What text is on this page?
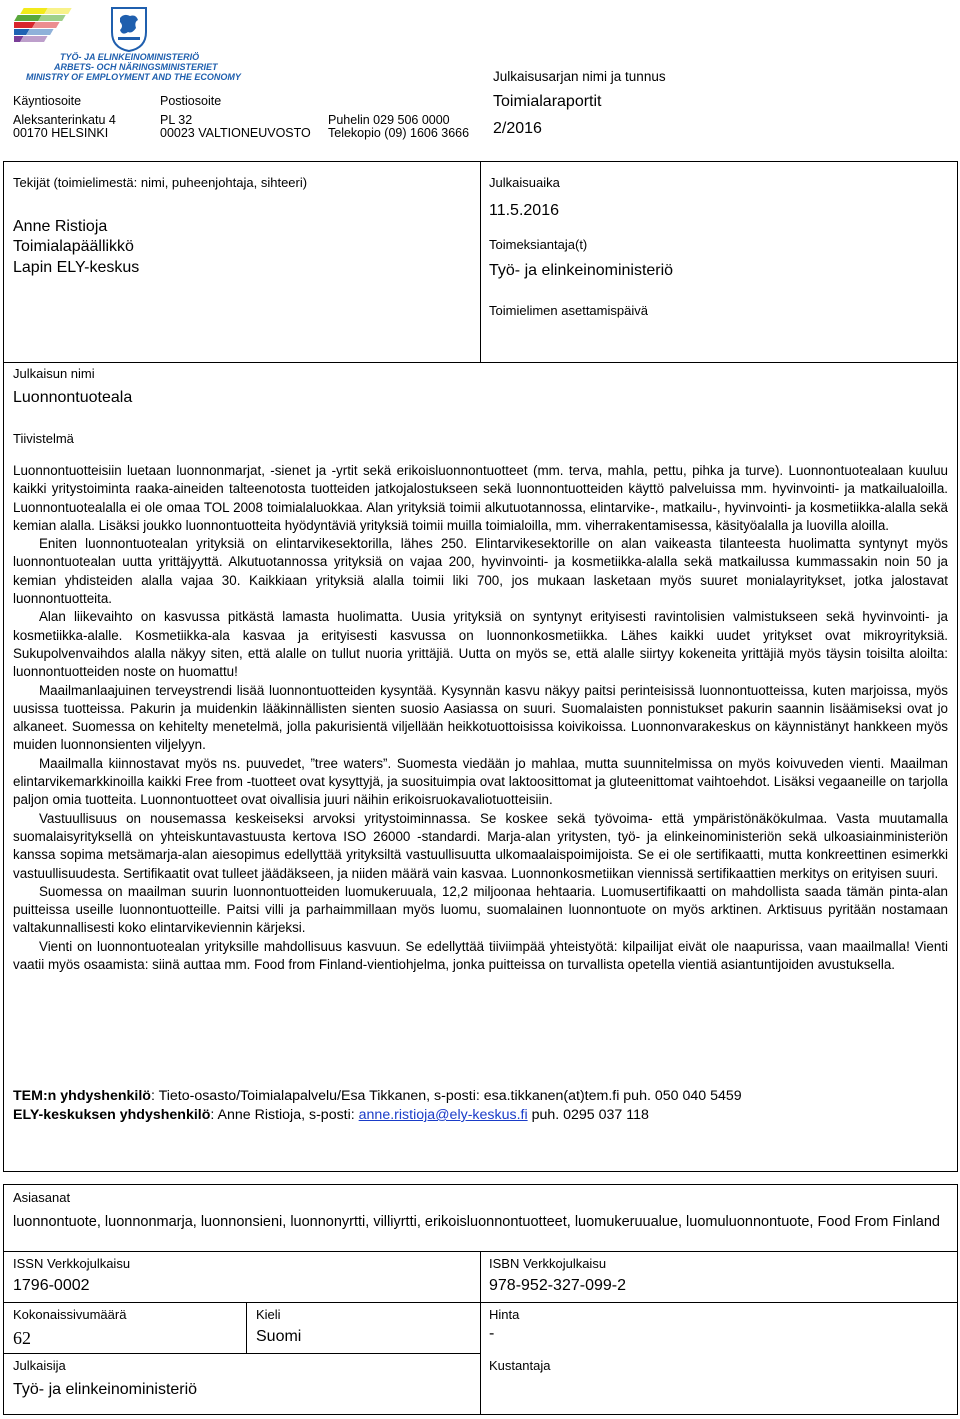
TYÖ- JA ELINKEINOMINISTERIÖ
ARBETS- OCH NÄRINGSMINISTERIET
MINISTRY OF EMPLOYMENT AND THE ECONOMY
Käyntiosoite
Aleksanterinkatu 4
00170 HELSINKI
Postiosoite
PL 32
00023 VALTIONEUVOSTO
Puhelin 029 506 0000
Telekopio (09) 1606 3666
Julkaisusarjan nimi ja tunnus
Toimialaraportit
2/2016
Tekijät (toimielimestä: nimi, puheenjohtaja, sihteeri)
Anne Ristioja
Toimialapäällikkö
Lapin ELY-keskus
Julkaisuaika
11.5.2016
Toimeksiantaja(t)
Työ- ja elinkeinoministeriö
Toimielimen asettamispäivä
Julkaisun nimi
Luonnontuoteala
Tiivistelmä

Luonnontuotteisiin luetaan luonnonmarjat, -sienet ja -yrtit sekä erikoisluonnontuotteet (mm. terva, mahla, pettu, pihka ja turve). Luonnontuotealaan kuuluu kaikki yritystoiminta raaka-aineiden talteenotosta tuotteiden jatkojalostukseen sekä luonnontuotteiden käyttö palveluissa mm. hyvinvointi- ja matkailualoilla. Luonnontuotealalla ei ole omaa TOL 2008 toimialaluokkaa. Alan yrityksiä toimii alkutuotannossa, elintarvike-, matkailu-, hyvinvointi- ja kosmetiikka-alalla sekä kemian alalla. Lisäksi joukko luonnontuotteita hyödyntäviä yrityksiä toimii muilla toimialoilla, mm. viherrakentamisessa, käsityöalalla ja luovilla aloilla.

Eniten luonnontuotealan yrityksiä on elintarvikesektorilla, lähes 250. Elintarvikesektorille on alan vaikeasta tilanteesta huolimatta syntynyt myös luonnontuotealan uutta yrittäjyyttä. Alkutuotannossa yrityksiä on vajaa 200, hyvinvointi- ja kosmetiikka-alalla sekä matkailussa kummassakin noin 50 ja kemian yhdisteiden alalla vajaa 30. Kaikkiaan yrityksiä alalla toimii liki 700, jos mukaan lasketaan myös suuret monialayritykset, jotka jalostavat luonnontuotteita.

Alan liikevaihto on kasvussa pitkästä lamasta huolimatta. Uusia yrityksiä on syntynyt erityisesti ravintolisien valmistukseen sekä hyvinvointi- ja kosmetiikka-alalle. Kosmetiikka-ala kasvaa ja erityisesti kasvussa on luonnonkosmetiikka. Lähes kaikki uudet yritykset ovat mikroyrityksiä. Sukupolvenvaihdos alalla näkyy siten, että alalle on tullut nuoria yrittäjiä. Uutta on myös se, että alalle siirtyy kokeneita yrittäjiä myös täysin toisilta aloilta: luonnontuotteiden noste on huomattu!

Maailmanlaajuinen terveystrendi lisää luonnontuotteiden kysyntää. Kysynnän kasvu näkyy paitsi perinteisissä luonnontuotteissa, kuten marjoissa, myös uusissa tuotteissa. Pakurin ja muidenkin lääkinnällisten sienten suosio Aasiassa on suuri. Suomalaisten ponnistukset pakurin saannin lisäämiseksi ovat jo alkaneet. Suomessa on kehitelty menetelmä, jolla pakurisientä viljellään heikkotuottoisissa koivikoissa. Luonnonvarakeskus on käynnistänyt hankkeen myös muiden luonnonsienten viljelyyn.

Maailmalla kiinnostavat myös ns. puuvedet, ”tree waters”. Suomesta viedään jo mahlaa, mutta suunnitelmissa on myös koivuveden vienti. Maailman elintarvikemarkkinoilla kaikki Free from -tuotteet ovat kysyttyjä, ja suosituimpia ovat laktoosittomat ja gluteenittomat vaihtoehdot. Lisäksi vegaaneille on tarjolla paljon omia tuotteita. Luonnontuotteet ovat oivallisia juuri näihin erikoisruokavaliotuotteisiin.

Vastuullisuus on nousemassa keskeiseksi arvoksi yritystoiminnassa. Se koskee sekä työvoima- että ympäristönäkökulmaa. Vasta muutamalla suomalaisyrityksellä on yhteiskuntavastuusta kertova ISO 26000 -standardi. Marja-alan yritysten, työ- ja elinkeinoministeriön sekä ulkoasiainministeriön kanssa sopima metsämarja-alan aiesopimus edellyttää yrityksiltä vastuullisuutta ulkomaalaispoimijoista. Se ei ole sertifikaatti, mutta konkreettinen esimerkki vastuullisuudesta. Sertifikaatit ovat tulleet jäädäkseen, ja niiden määrä vain kasvaa. Luonnonkosmetiikan viennissä sertifikaattien merkitys on erityisen suuri.

Suomessa on maailman suurin luonnontuotteiden luomukeruuala, 12,2 miljoonaa hehtaaria. Luomusertifikaatti on mahdollista saada tämän pinta-alan puitteissa useille luonnontuotteille. Paitsi villi ja parhaimmillaan myös luomu, suomalainen luonnontuote on myös arktinen. Arktisuus pyritään nostamaan valtakunnallisesti koko elintarvikeviennin kärjeksi.

Vienti on luonnontuotealan yrityksille mahdollisuus kasvuun. Se edellyttää tiiviimpää yhteistyötä: kilpailijat eivät ole naapurissa, vaan maailmalla! Vienti vaatii myös osaamista: siinä auttaa mm. Food from Finland-vientiohjelma, jonka puitteissa on turvallista opetella vientiä asiantuntijoiden avustuksella.

TEM:n yhdyshenkilö: Tieto-osasto/Toimialapalvelu/Esa Tikkanen, s-posti: esa.tikkanen(at)tem.fi puh. 050 040 5459
ELY-keskuksen yhdyshenkilö: Anne Ristioja, s-posti: anne.ristioja@ely-keskus.fi puh. 0295 037 118
Asiasanat
luonnontuote, luonnonmarja, luonnonsieni, luonnonyrtti, villiyrtti, erikoisluonnontuotteet, luomukeruualue, luomuluonnontuote, Food From Finland
ISSN Verkkojulkaisu
1796-0002
ISBN Verkkojulkaisu
978-952-327-099-2
Kokonaissivumäärä
62
Kieli
Suomi
Hinta
-
Julkaisija
Työ- ja elinkeinoministeriö
Kustantaja
